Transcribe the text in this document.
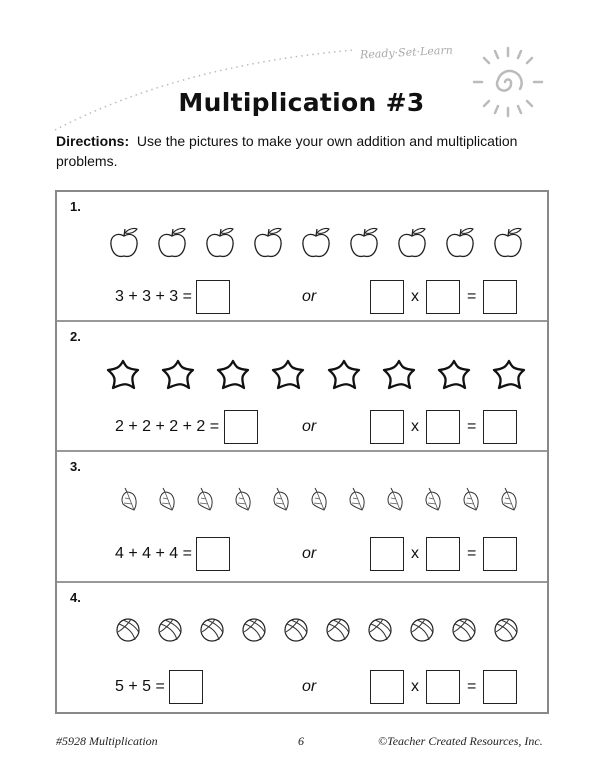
Ready·Set·Learn
Multiplication #3
Directions: Use the pictures to make your own addition and multiplication problems.
1.
3 + 3 + 3 =
	or	x	=
2.
2 + 2 + 2 + 2 =
	or	x	=
3.
4 + 4 + 4 =
	or	x	=
4.
5 + 5 =
	or	x	=
#5928 Multiplication	6	©Teacher Created Resources, Inc.
